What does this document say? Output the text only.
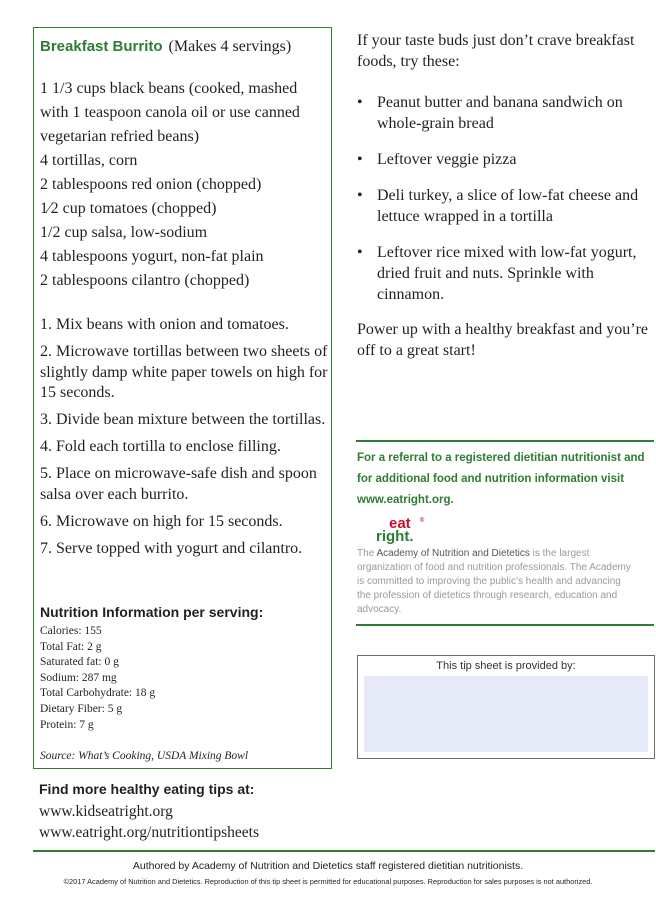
Breakfast Burrito (Makes 4 servings)
1 1/3 cups black beans (cooked, mashed
with 1 teaspoon canola oil or use canned
vegetarian refried beans)
4 tortillas, corn
2 tablespoons red onion (chopped)
1⁄2 cup tomatoes (chopped)
1/2 cup salsa, low-sodium
4 tablespoons yogurt, non-fat plain
2 tablespoons cilantro (chopped)
1. Mix beans with onion and tomatoes.
2. Microwave tortillas between two sheets of slightly damp white paper towels on high for 15 seconds.
3. Divide bean mixture between the tortillas.
4. Fold each tortilla to enclose filling.
5. Place on microwave-safe dish and spoon salsa over each burrito.
6. Microwave on high for 15 seconds.
7. Serve topped with yogurt and cilantro.
Nutrition Information per serving:
Calories: 155
Total Fat: 2 g
Saturated fat: 0 g
Sodium: 287 mg
Total Carbohydrate: 18 g
Dietary Fiber: 5 g
Protein: 7 g
Source: What’s Cooking, USDA Mixing Bowl
Find more healthy eating tips at:
www.kidseatright.org
www.eatright.org/nutritiontipsheets
If your taste buds just don’t crave breakfast foods, try these:
• Peanut butter and banana sandwich on whole-grain bread
• Leftover veggie pizza
• Deli turkey, a slice of low-fat cheese and lettuce wrapped in a tortilla
• Leftover rice mixed with low-fat yogurt, dried fruit and nuts. Sprinkle with cinnamon.
Power up with a healthy breakfast and you’re off to a great start!
For a referral to a registered dietitian nutritionist and for additional food and nutrition information visit www.eatright.org.
eat
right.
®
The Academy of Nutrition and Dietetics is the largest organization of food and nutrition professionals. The Academy is committed to improving the public’s health and advancing the profession of dietetics through research, education and advocacy.
This tip sheet is provided by:
Authored by Academy of Nutrition and Dietetics staff registered dietitian nutritionists.
©2017 Academy of Nutrition and Dietetics. Reproduction of this tip sheet is permitted for educational purposes. Reproduction for sales purposes is not authorized.
